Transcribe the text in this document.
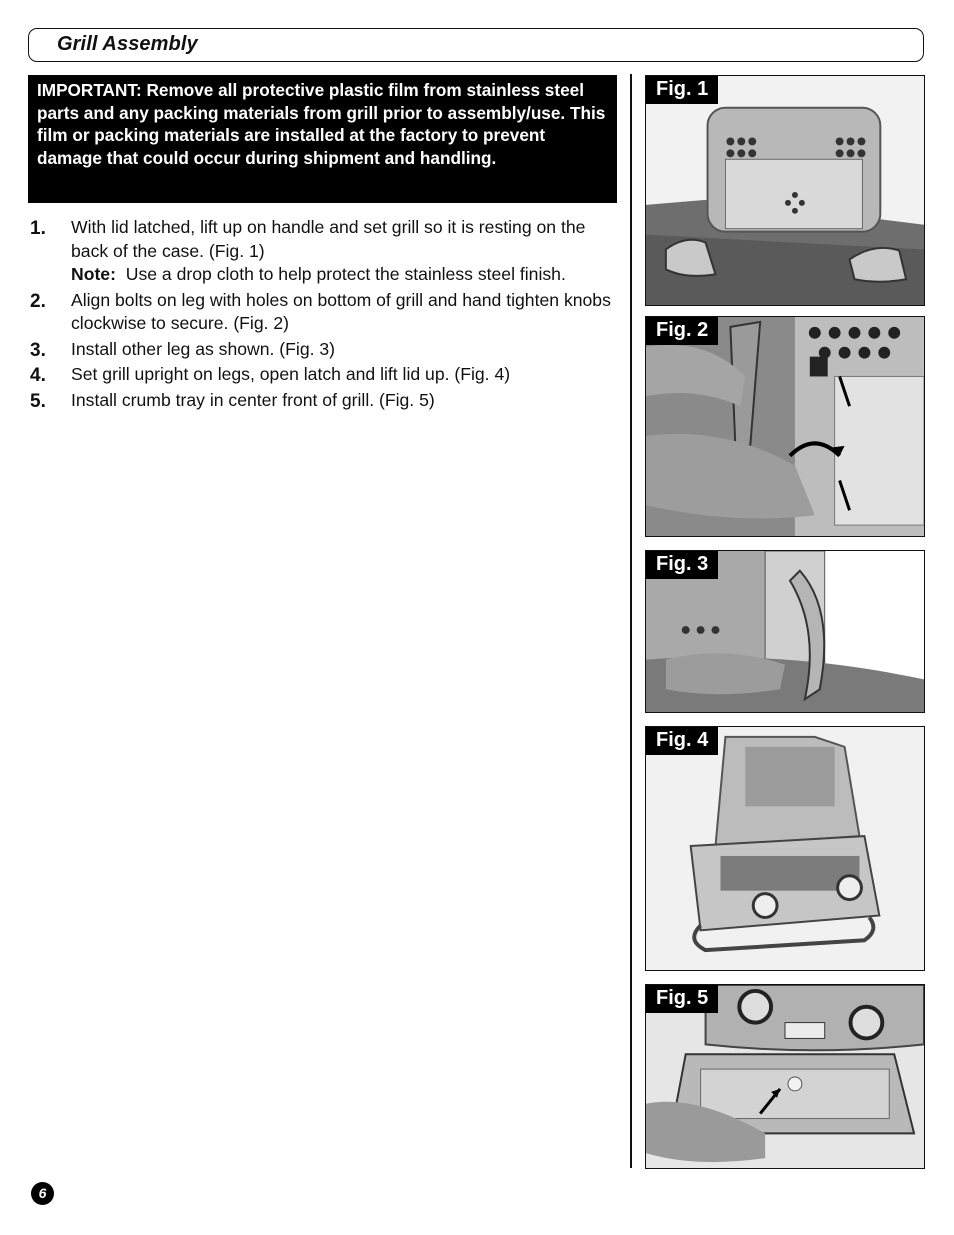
Grill Assembly
IMPORTANT: Remove all protective plastic film from stainless steel parts and any packing materials from grill prior to assembly/use. This film or packing materials are installed at the factory to prevent damage that could occur during shipment and handling.
1. With lid latched, lift up on handle and set grill so it is resting on the back of the case. (Fig. 1)
Note: Use a drop cloth to help protect the stainless steel finish.
2. Align bolts on leg with holes on bottom of grill and hand tighten knobs clockwise to secure. (Fig. 2)
3. Install other leg as shown. (Fig. 3)
4. Set grill upright on legs, open latch and lift lid up. (Fig. 4)
5. Install crumb tray in center front of grill. (Fig. 5)
Fig. 1
Fig. 2
Fig. 3
Fig. 4
Fig. 5
6
